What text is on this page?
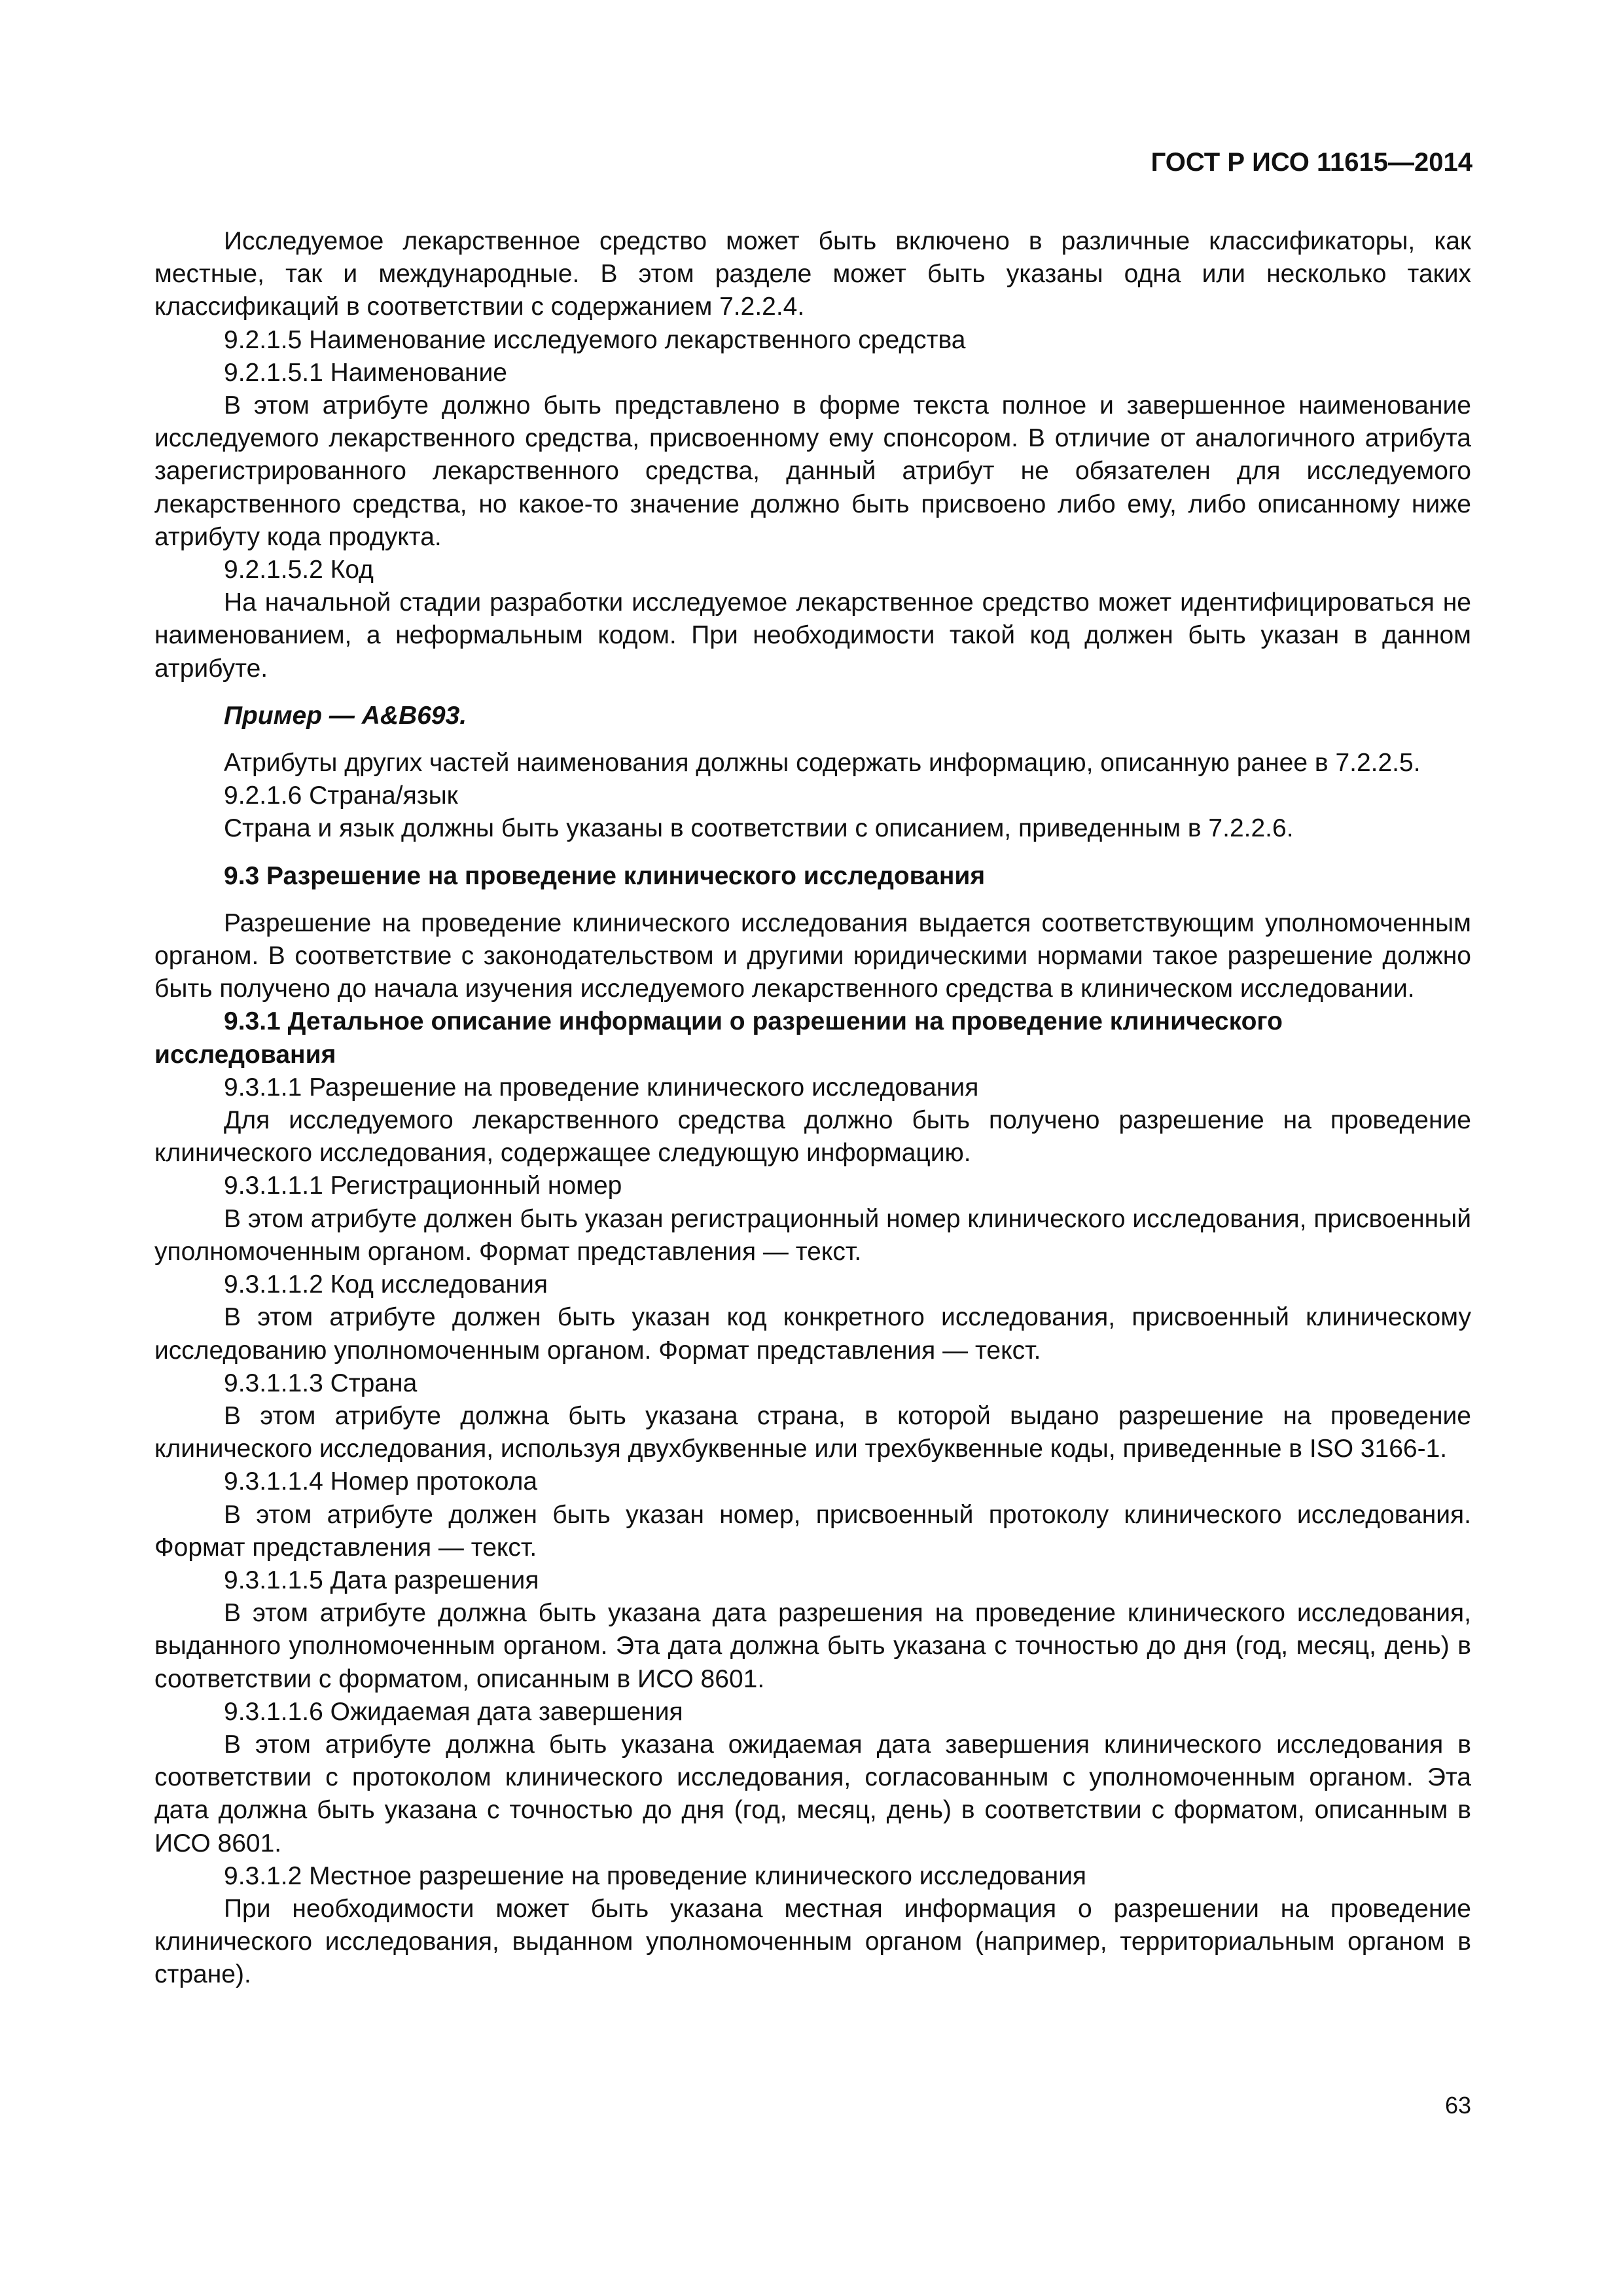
ГОСТ Р ИСО 11615—2014

Исследуемое лекарственное средство может быть включено в различные классификаторы, как местные, так и международные. В этом разделе может быть указаны одна или несколько таких классификаций в соответствии с содержанием 7.2.2.4.

9.2.1.5 Наименование исследуемого лекарственного средства

9.2.1.5.1 Наименование

В этом атрибуте должно быть представлено в форме текста полное и завершенное наименование исследуемого лекарственного средства, присвоенному ему спонсором. В отличие от аналогичного атрибута зарегистрированного лекарственного средства, данный атрибут не обязателен для исследуемого лекарственного средства, но какое-то значение должно быть присвоено либо ему, либо описанному ниже атрибуту кода продукта.

9.2.1.5.2 Код

На начальной стадии разработки исследуемое лекарственное средство может идентифицироваться не наименованием, а неформальным кодом. При необходимости такой код должен быть указан в данном атрибуте.

Пример — A&B693.

Атрибуты других частей наименования должны содержать информацию, описанную ранее в 7.2.2.5.

9.2.1.6 Страна/язык

Страна и язык должны быть указаны в соответствии с описанием, приведенным в 7.2.2.6.

9.3 Разрешение на проведение клинического исследования

Разрешение на проведение клинического исследования выдается соответствующим уполномоченным органом. В соответствие с законодательством и другими юридическими нормами такое разрешение должно быть получено до начала изучения исследуемого лекарственного средства в клиническом исследовании.

9.3.1 Детальное описание информации о разрешении на проведение клинического исследования

9.3.1.1 Разрешение на проведение клинического исследования

Для исследуемого лекарственного средства должно быть получено разрешение на проведение клинического исследования, содержащее следующую информацию.

9.3.1.1.1 Регистрационный номер

В этом атрибуте должен быть указан регистрационный номер клинического исследования, присвоенный уполномоченным органом. Формат представления — текст.

9.3.1.1.2 Код исследования

В этом атрибуте должен быть указан код конкретного исследования, присвоенный клиническому исследованию уполномоченным органом. Формат представления — текст.

9.3.1.1.3 Страна

В этом атрибуте должна быть указана страна, в которой выдано разрешение на проведение клинического исследования, используя двухбуквенные или трехбуквенные коды, приведенные в ISO 3166-1.

9.3.1.1.4 Номер протокола

В этом атрибуте должен быть указан номер, присвоенный протоколу клинического исследования. Формат представления — текст.

9.3.1.1.5 Дата разрешения

В этом атрибуте должна быть указана дата разрешения на проведение клинического исследования, выданного уполномоченным органом. Эта дата должна быть указана с точностью до дня (год, месяц, день) в соответствии с форматом, описанным в ИСО 8601.

9.3.1.1.6 Ожидаемая дата завершения

В этом атрибуте должна быть указана ожидаемая дата завершения клинического исследования в соответствии с протоколом клинического исследования, согласованным с уполномоченным органом. Эта дата должна быть указана с точностью до дня (год, месяц, день) в соответствии с форматом, описанным в ИСО 8601.

9.3.1.2 Местное разрешение на проведение клинического исследования

При необходимости может быть указана местная информация о разрешении на проведение клинического исследования, выданном уполномоченным органом (например, территориальным органом в стране).

63
